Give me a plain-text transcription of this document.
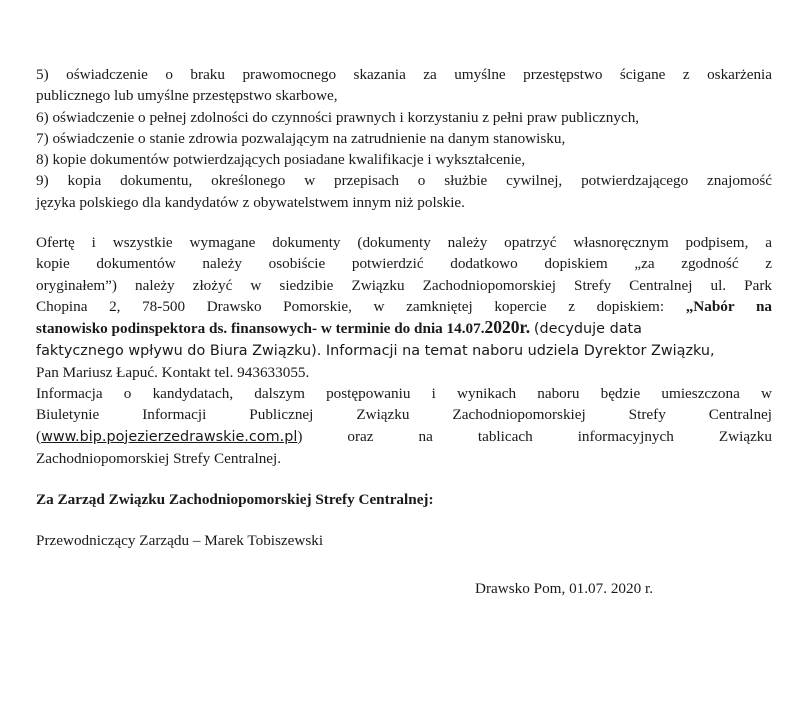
5) oświadczenie o braku prawomocnego skazania za umyślne przestępstwo ścigane z oskarżenia

publicznego lub umyślne przestępstwo skarbowe,

6) oświadczenie o pełnej zdolności do czynności prawnych i korzystaniu z pełni praw publicznych,

7) oświadczenie o stanie zdrowia pozwalającym na zatrudnienie na danym stanowisku,

8) kopie dokumentów potwierdzających posiadane kwalifikacje i wykształcenie,

9) kopia dokumentu, określonego w przepisach o służbie cywilnej, potwierdzającego znajomość

języka polskiego dla kandydatów z obywatelstwem innym niż polskie.

Ofertę i wszystkie wymagane dokumenty (dokumenty należy opatrzyć własnoręcznym podpisem, a

kopie dokumentów należy osobiście potwierdzić dodatkowo dopiskiem „za zgodność z

oryginałem”) należy złożyć w siedzibie Związku Zachodniopomorskiej Strefy Centralnej ul. Park

Chopina 2, 78-500 Drawsko Pomorskie, w zamkniętej kopercie z dopiskiem: „Nabór na

stanowisko podinspektora ds. finansowych- w terminie do dnia 14.07.2020r. (decyduje data

faktycznego wpływu do Biura Związku). Informacji na temat naboru udziela Dyrektor Związku,

Pan Mariusz Łapuć. Kontakt tel. 943633055.

Informacja o kandydatach, dalszym postępowaniu i wynikach naboru będzie umieszczona w

Biuletynie Informacji Publicznej Związku Zachodniopomorskiej Strefy Centralnej

(www.bip.pojezierzedrawskie.com.pl) oraz na tablicach informacyjnych Związku

Zachodniopomorskiej Strefy Centralnej.

Za Zarząd Związku Zachodniopomorskiej Strefy Centralnej:

Przewodniczący Zarządu – Marek Tobiszewski

Drawsko Pom, 01.07. 2020 r.
